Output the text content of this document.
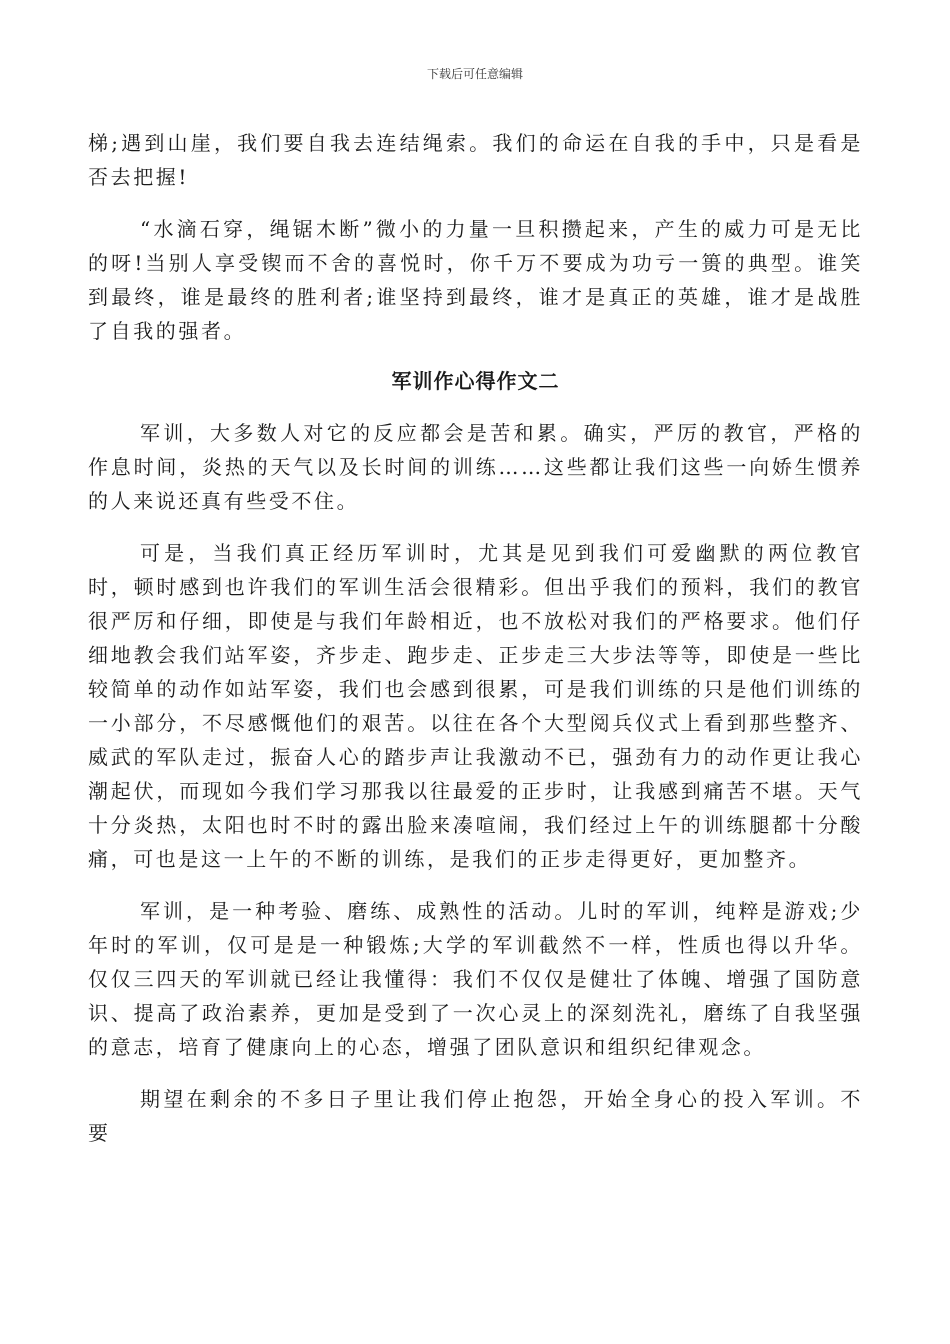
下载后可任意编辑

梯;遇到山崖，我们要自我去连结绳索。我们的命运在自我的手中，只是看是否去把握!

“水滴石穿，绳锯木断”微小的力量一旦积攒起来，产生的威力可是无比的呀!当别人享受锲而不舍的喜悦时，你千万不要成为功亏一篑的典型。谁笑到最终，谁是最终的胜利者;谁坚持到最终，谁才是真正的英雄，谁才是战胜了自我的强者。

军训作心得作文二

军训，大多数人对它的反应都会是苦和累。确实，严厉的教官，严格的作息时间，炎热的天气以及长时间的训练……这些都让我们这些一向娇生惯养的人来说还真有些受不住。

可是，当我们真正经历军训时，尤其是见到我们可爱幽默的两位教官时，顿时感到也许我们的军训生活会很精彩。但出乎我们的预料，我们的教官很严厉和仔细，即使是与我们年龄相近，也不放松对我们的严格要求。他们仔细地教会我们站军姿，齐步走、跑步走、正步走三大步法等等，即使是一些比较简单的动作如站军姿，我们也会感到很累，可是我们训练的只是他们训练的一小部分，不尽感慨他们的艰苦。以往在各个大型阅兵仪式上看到那些整齐、威武的军队走过，振奋人心的踏步声让我激动不已，强劲有力的动作更让我心潮起伏，而现如今我们学习那我以往最爱的正步时，让我感到痛苦不堪。天气十分炎热，太阳也时不时的露出脸来凑喧闹，我们经过上午的训练腿都十分酸痛，可也是这一上午的不断的训练，是我们的正步走得更好，更加整齐。

军训，是一种考验、磨练、成熟性的活动。儿时的军训，纯粹是游戏;少年时的军训，仅可是是一种锻炼;大学的军训截然不一样，性质也得以升华。仅仅三四天的军训就已经让我懂得：我们不仅仅是健壮了体魄、增强了国防意识、提高了政治素养，更加是受到了一次心灵上的深刻洗礼，磨练了自我坚强的意志，培育了健康向上的心态，增强了团队意识和组织纪律观念。

期望在剩余的不多日子里让我们停止抱怨，开始全身心的投入军训。不要
